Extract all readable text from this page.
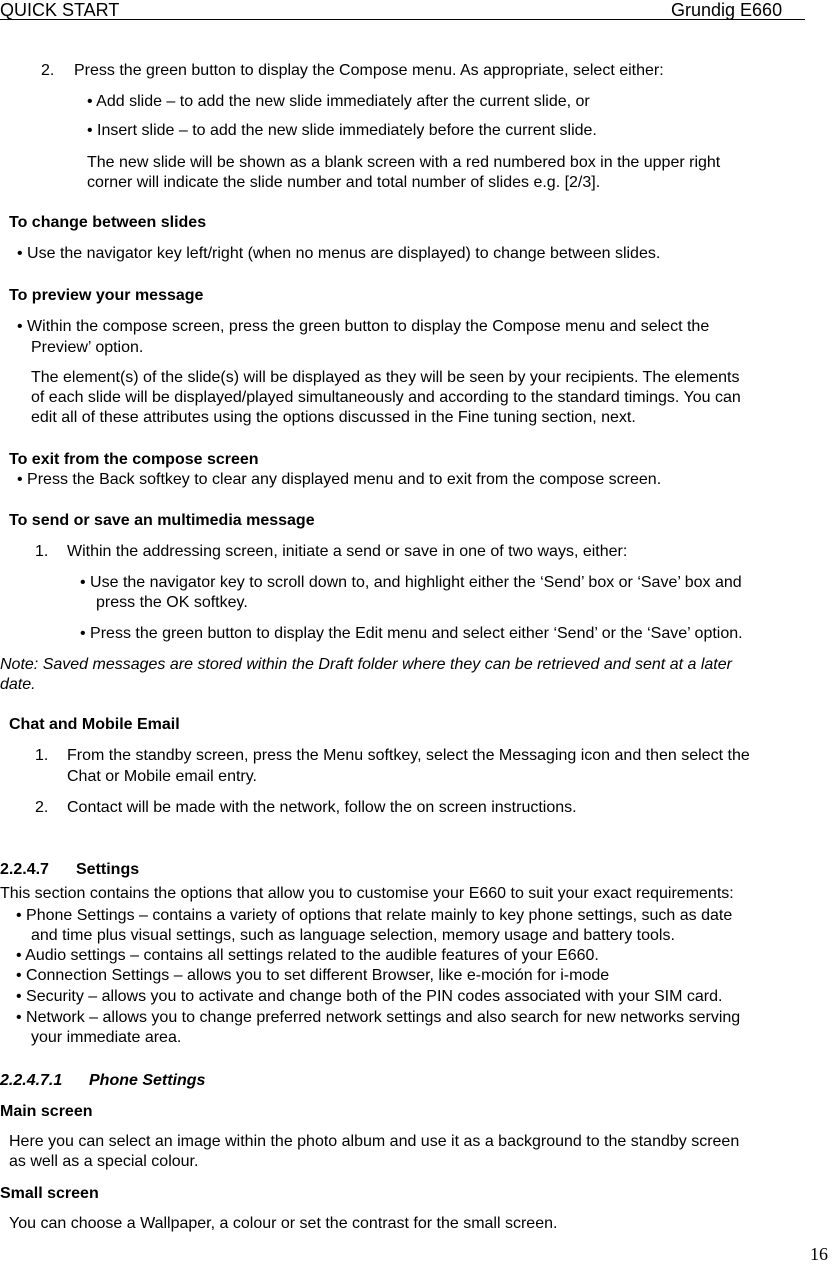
QUICK START	Grundig E660
2. Press the green button to display the Compose menu. As appropriate, select either:
• Add slide – to add the new slide immediately after the current slide, or
• Insert slide – to add the new slide immediately before the current slide.
The new slide will be shown as a blank screen with a red numbered box in the upper right
corner will indicate the slide number and total number of slides e.g. [2/3].
To change between slides
• Use the navigator key left/right (when no menus are displayed) to change between slides.
To preview your message
• Within the compose screen, press the green button to display the Compose menu and select the
Preview’ option.
The element(s) of the slide(s) will be displayed as they will be seen by your recipients. The elements
of each slide will be displayed/played simultaneously and according to the standard timings. You can
edit all of these attributes using the options discussed in the Fine tuning section, next.
To exit from the compose screen
• Press the Back softkey to clear any displayed menu and to exit from the compose screen.
To send or save an multimedia message
1. Within the addressing screen, initiate a send or save in one of two ways, either:
• Use the navigator key to scroll down to, and highlight either the ‘Send’ box or ‘Save’ box and
press the OK softkey.
• Press the green button to display the Edit menu and select either ‘Send’ or the ‘Save’ option.
Note: Saved messages are stored within the Draft folder where they can be retrieved and sent at a later
date.
Chat and Mobile Email
1. From the standby screen, press the Menu softkey, select the Messaging icon and then select the
Chat or Mobile email entry.
2. Contact will be made with the network, follow the on screen instructions.
2.2.4.7 Settings
This section contains the options that allow you to customise your E660 to suit your exact requirements:
• Phone Settings – contains a variety of options that relate mainly to key phone settings, such as date
and time plus visual settings, such as language selection, memory usage and battery tools.
• Audio settings – contains all settings related to the audible features of your E660.
• Connection Settings – allows you to set different Browser, like e-moción for i-mode
• Security – allows you to activate and change both of the PIN codes associated with your SIM card.
• Network – allows you to change preferred network settings and also search for new networks serving
your immediate area.
2.2.4.7.1 Phone Settings
Main screen
Here you can select an image within the photo album and use it as a background to the standby screen
as well as a special colour.
Small screen
You can choose a Wallpaper, a colour or set the contrast for the small screen.
16
